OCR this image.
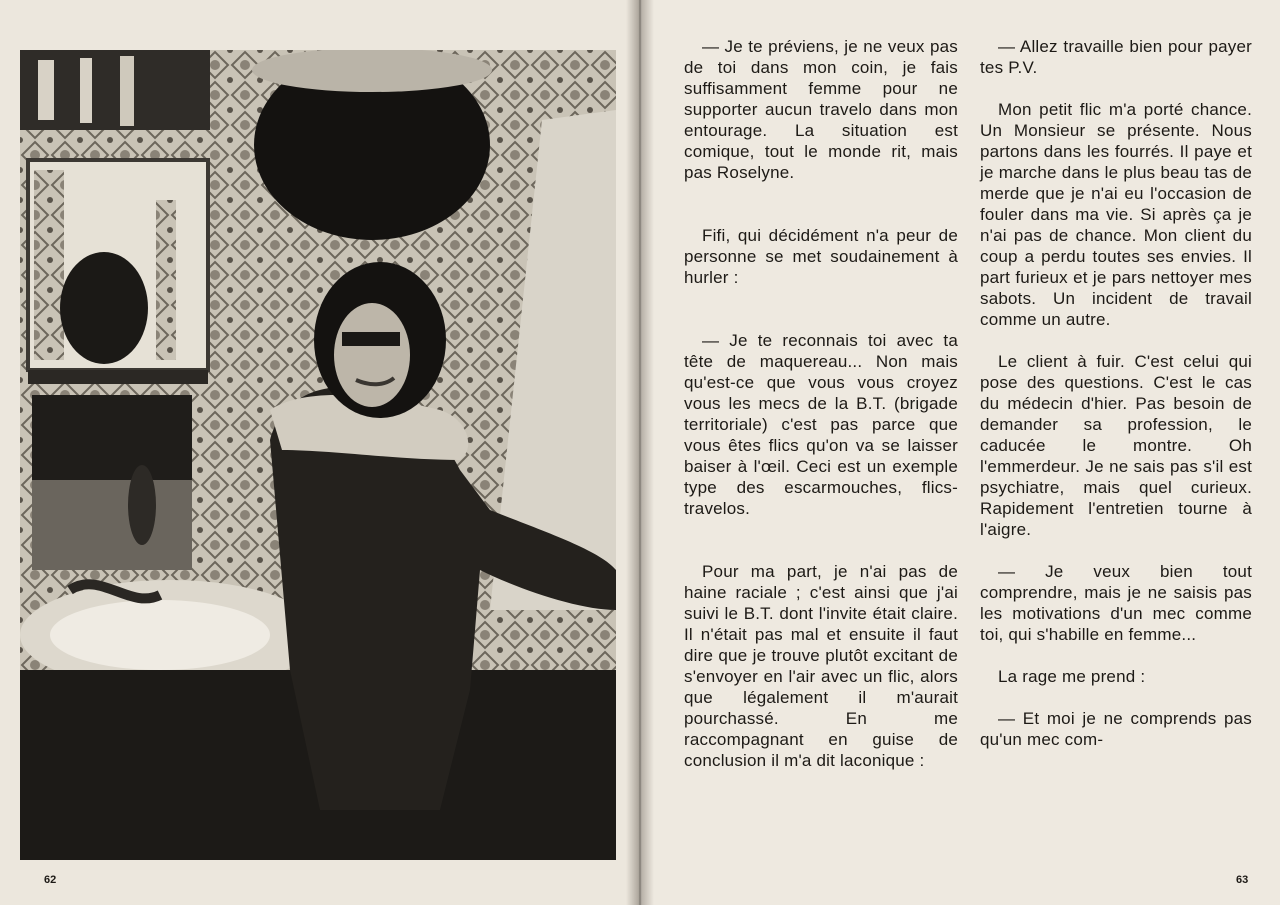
62	63

— Je te préviens, je ne veux pas de toi dans mon coin, je fais suffisamment femme pour ne supporter aucun travelo dans mon entourage. La situation est comique, tout le monde rit, mais pas Roselyne.

Fifi, qui décidément n'a peur de personne se met soudainement à hurler :

— Je te reconnais toi avec ta tête de maquereau... Non mais qu'est-ce que vous vous croyez vous les mecs de la B.T. (brigade territoriale) c'est pas parce que vous êtes flics qu'on va se laisser baiser à l'œil. Ceci est un exemple type des escarmouches, flics-travelos.

Pour ma part, je n'ai pas de haine raciale ; c'est ainsi que j'ai suivi le B.T. dont l'invite était claire. Il n'était pas mal et ensuite il faut dire que je trouve plutôt excitant de s'envoyer en l'air avec un flic, alors que légalement il m'aurait pourchassé. En me raccompagnant en guise de conclusion il m'a dit laconique :

— Allez travaille bien pour payer tes P.V.

Mon petit flic m'a porté chance. Un Monsieur se présente. Nous partons dans les fourrés. Il paye et je marche dans le plus beau tas de merde que je n'ai eu l'occasion de fouler dans ma vie. Si après ça je n'ai pas de chance. Mon client du coup a perdu toutes ses envies. Il part furieux et je pars nettoyer mes sabots. Un incident de travail comme un autre.

Le client à fuir. C'est celui qui pose des questions. C'est le cas du médecin d'hier. Pas besoin de demander sa profession, le caducée le montre. Oh l'emmerdeur. Je ne sais pas s'il est psychiatre, mais quel curieux. Rapidement l'entretien tourne à l'aigre.

— Je veux bien tout comprendre, mais je ne saisis pas les motivations d'un mec comme toi, qui s'habille en femme...

La rage me prend :

— Et moi je ne comprends pas qu'un mec com-
